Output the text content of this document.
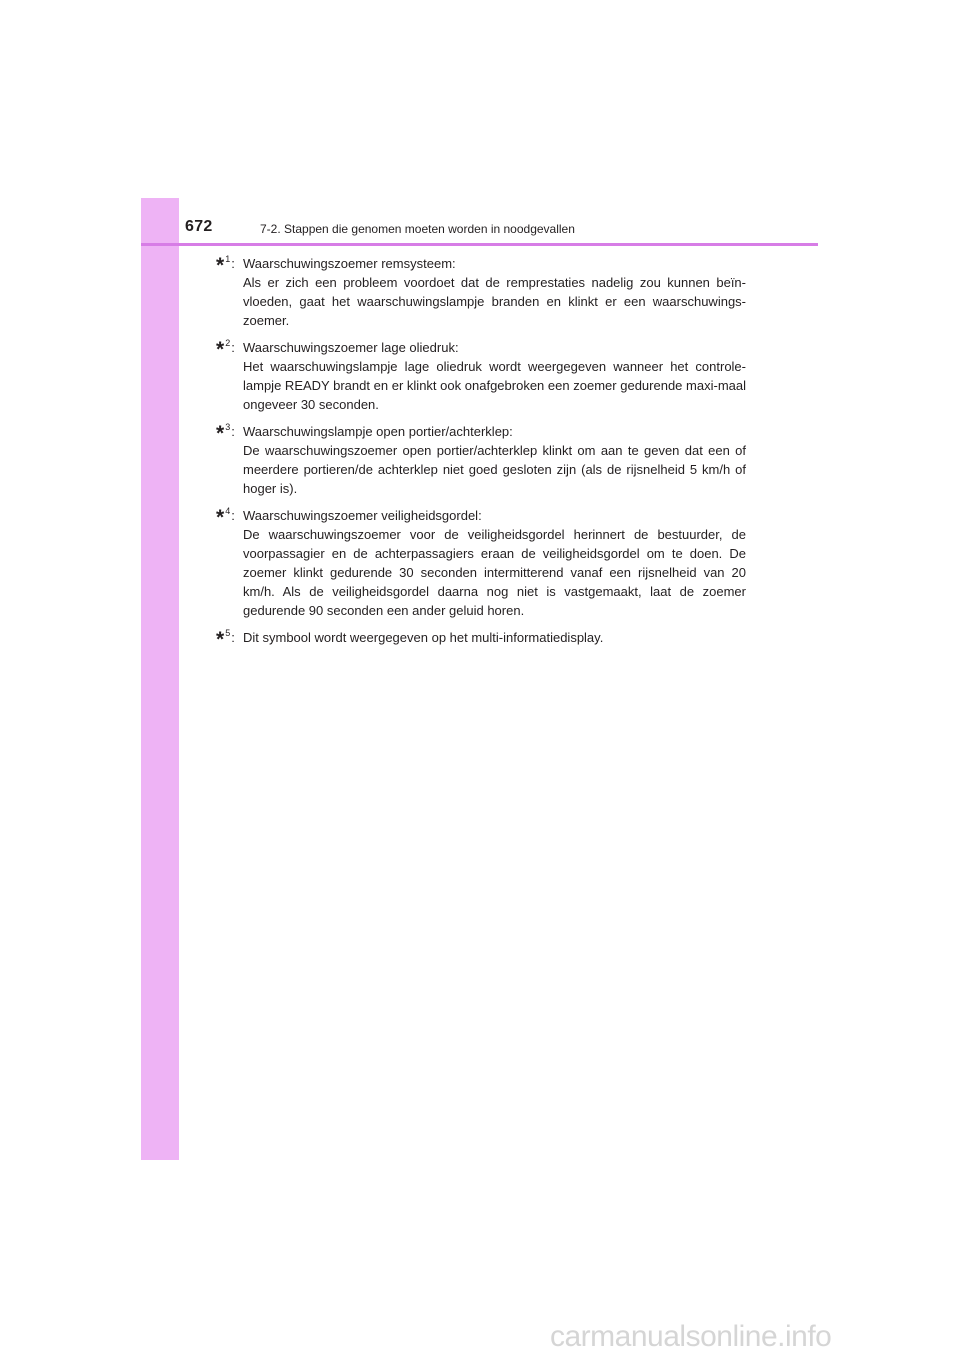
672	7-2. Stappen die genomen moeten worden in noodgevallen
*$^1$: Waarschuwingszoemer remsysteem:
Als er zich een probleem voordoet dat de remprestaties nadelig zou kunnen beïn-vloeden, gaat het waarschuwingslampje branden en klinkt er een waarschuwings-zoemer.
*$^2$: Waarschuwingszoemer lage oliedruk:
Het waarschuwingslampje lage oliedruk wordt weergegeven wanneer het controle-lampje READY brandt en er klinkt ook onafgebroken een zoemer gedurende maxi-maal ongeveer 30 seconden.
*$^3$: Waarschuwingslampje open portier/achterklep:
De waarschuwingszoemer open portier/achterklep klinkt om aan te geven dat een of meerdere portieren/de achterklep niet goed gesloten zijn (als de rijsnelheid 5 km/h of hoger is).
*$^4$: Waarschuwingszoemer veiligheidsgordel:
De waarschuwingszoemer voor de veiligheidsgordel herinnert de bestuurder, de voorpassagier en de achterpassagiers eraan de veiligheidsgordel om te doen. De zoemer klinkt gedurende 30 seconden intermitterend vanaf een rijsnelheid van 20 km/h. Als de veiligheidsgordel daarna nog niet is vastgemaakt, laat de zoemer gedurende 90 seconden een ander geluid horen.
*$^5$: Dit symbool wordt weergegeven op het multi-informatiedisplay.
carmanualsonline.info
